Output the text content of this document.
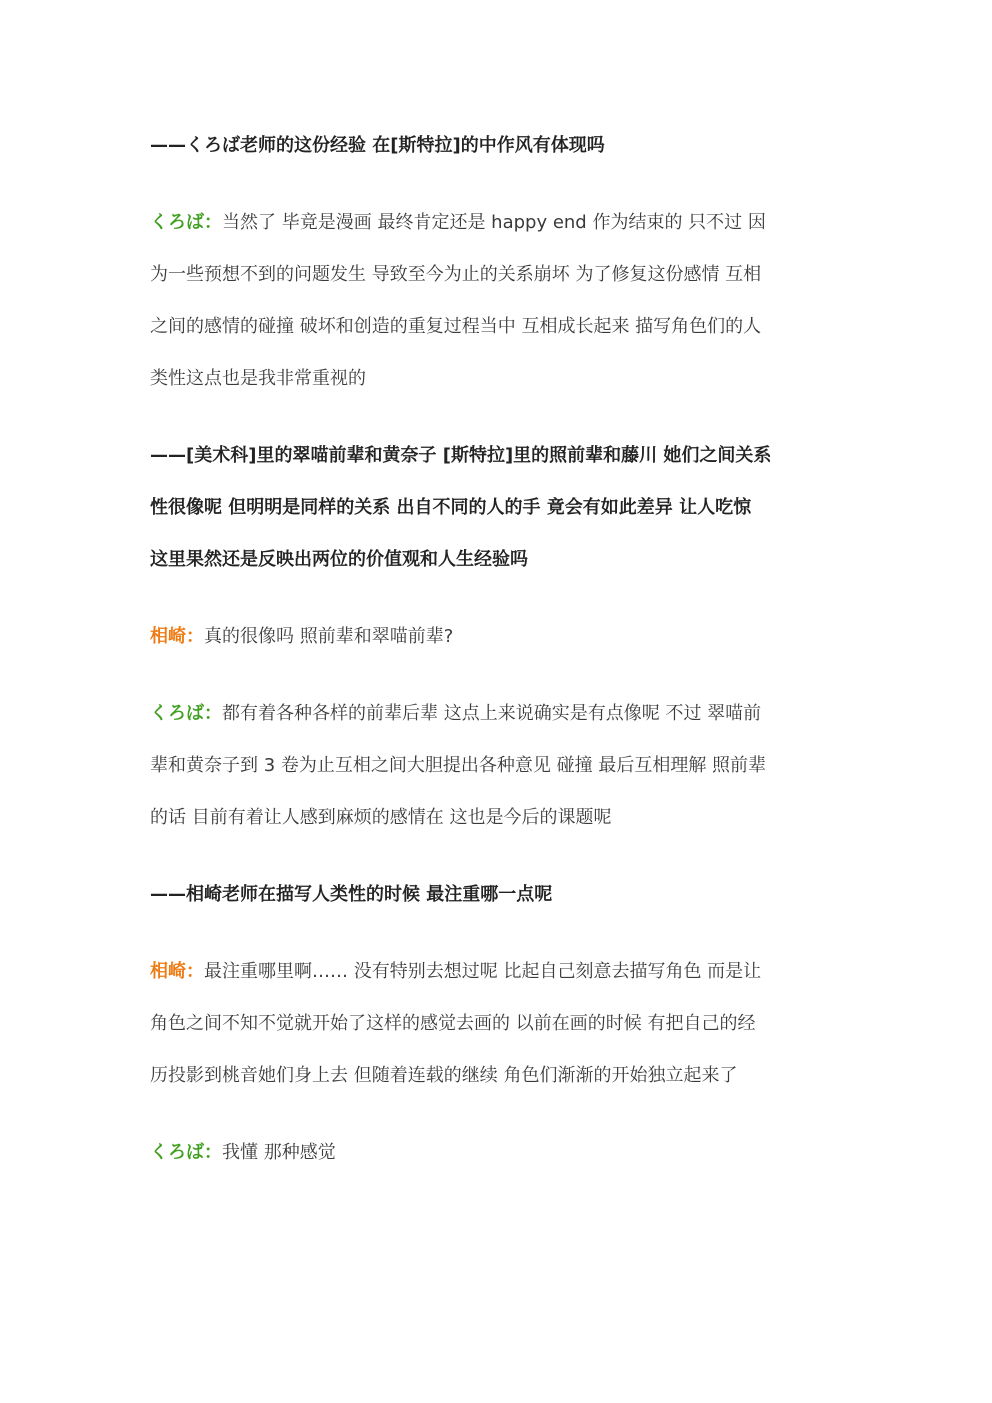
——くろば老师的这份经验 在[斯特拉]的中作风有体现吗
くろば：当然了 毕竟是漫画 最终肯定还是 happy end 作为结束的 只不过 因
为一些预想不到的问题发生 导致至今为止的关系崩坏 为了修复这份感情 互相
之间的感情的碰撞 破坏和创造的重复过程当中 互相成长起来 描写角色们的人
类性这点也是我非常重视的
——[美术科]里的翠喵前辈和黄奈子 [斯特拉]里的照前辈和藤川 她们之间关系
性很像呢 但明明是同样的关系 出自不同的人的手 竟会有如此差异 让人吃惊
这里果然还是反映出两位的价值观和人生经验吗
相崎：真的很像吗 照前辈和翠喵前辈?
くろば：都有着各种各样的前辈后辈 这点上来说确实是有点像呢 不过 翠喵前
辈和黄奈子到 3 卷为止互相之间大胆提出各种意见 碰撞 最后互相理解 照前辈
的话 目前有着让人感到麻烦的感情在 这也是今后的课题呢
——相崎老师在描写人类性的时候 最注重哪一点呢
相崎：最注重哪里啊…… 没有特别去想过呢 比起自己刻意去描写角色 而是让
角色之间不知不觉就开始了这样的感觉去画的 以前在画的时候 有把自己的经
历投影到桃音她们身上去 但随着连载的继续 角色们渐渐的开始独立起来了
くろば：我懂 那种感觉
